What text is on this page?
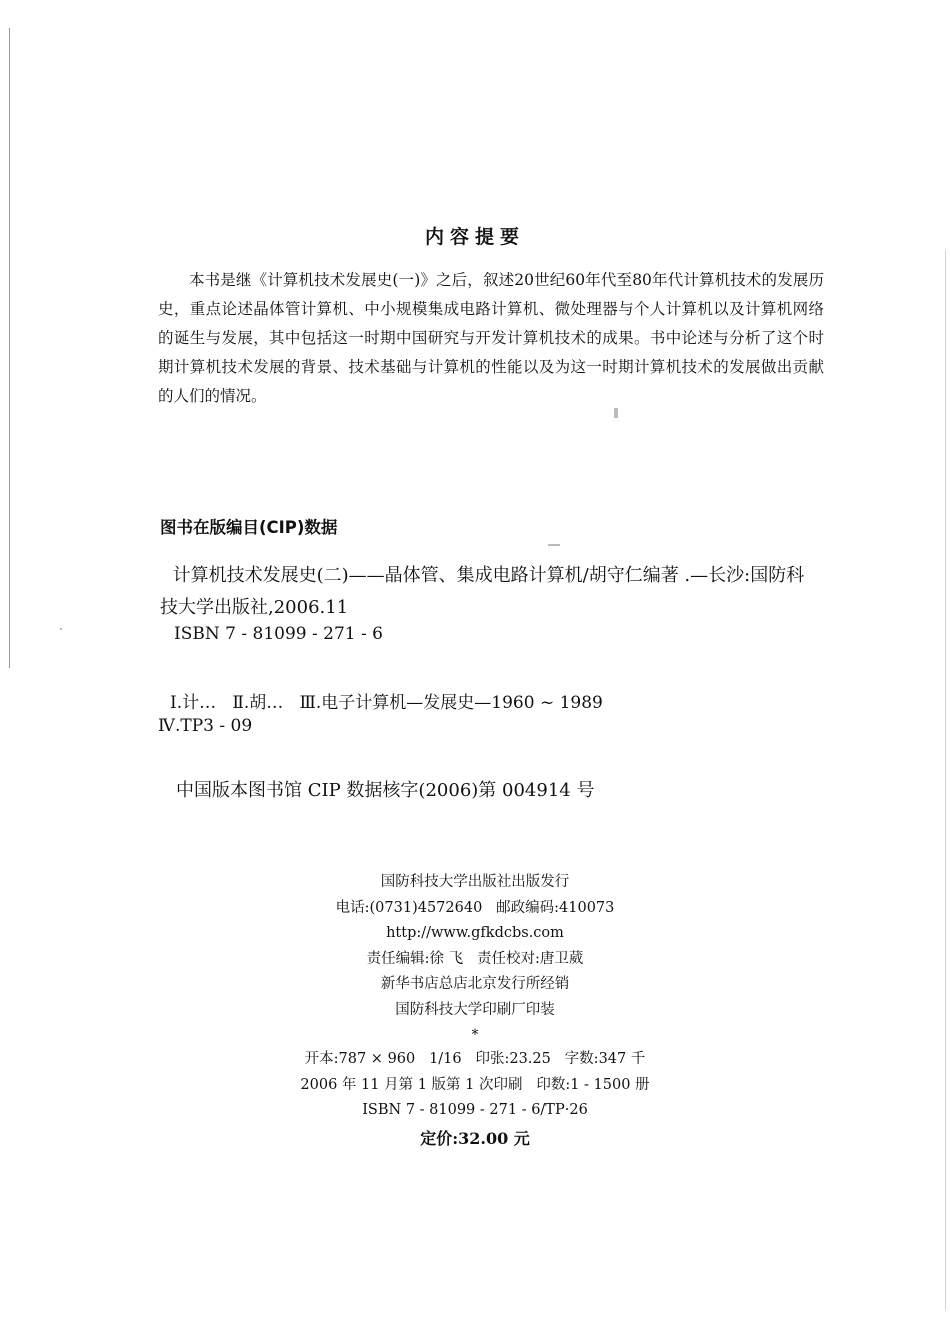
内容提要

本书是继《计算机技术发展史(一)》之后，叙述20世纪60年代至80年代计算机技术的发展历史，重点论述晶体管计算机、中小规模集成电路计算机、微处理器与个人计算机以及计算机网络的诞生与发展，其中包括这一时期中国研究与开发计算机技术的成果。书中论述与分析了这个时期计算机技术发展的背景、技术基础与计算机的性能以及为这一时期计算机技术的发展做出贡献的人们的情况。

图书在版编目(CIP)数据

计算机技术发展史(二)——晶体管、集成电路计算机/胡守仁编著 .—长沙:国防科技大学出版社,2006.11

ISBN 7 - 81099 - 271 - 6
Ⅰ.计…   Ⅱ.胡…   Ⅲ.电子计算机—发展史—1960 ~ 1989
Ⅳ.TP3 - 09
中国版本图书馆 CIP 数据核字(2006)第 004914 号
国防科技大学出版社出版发行
电话:(0731)4572640   邮政编码:410073
http://www.gfkdcbs.com
责任编辑:徐 飞   责任校对:唐卫葳
新华书店总店北京发行所经销
国防科技大学印刷厂印装
*
开本:787 × 960   1/16   印张:23.25   字数:347 千
2006 年 11 月第 1 版第 1 次印刷   印数:1 - 1500 册
ISBN 7 - 81099 - 271 - 6/TP·26
定价:32.00 元
